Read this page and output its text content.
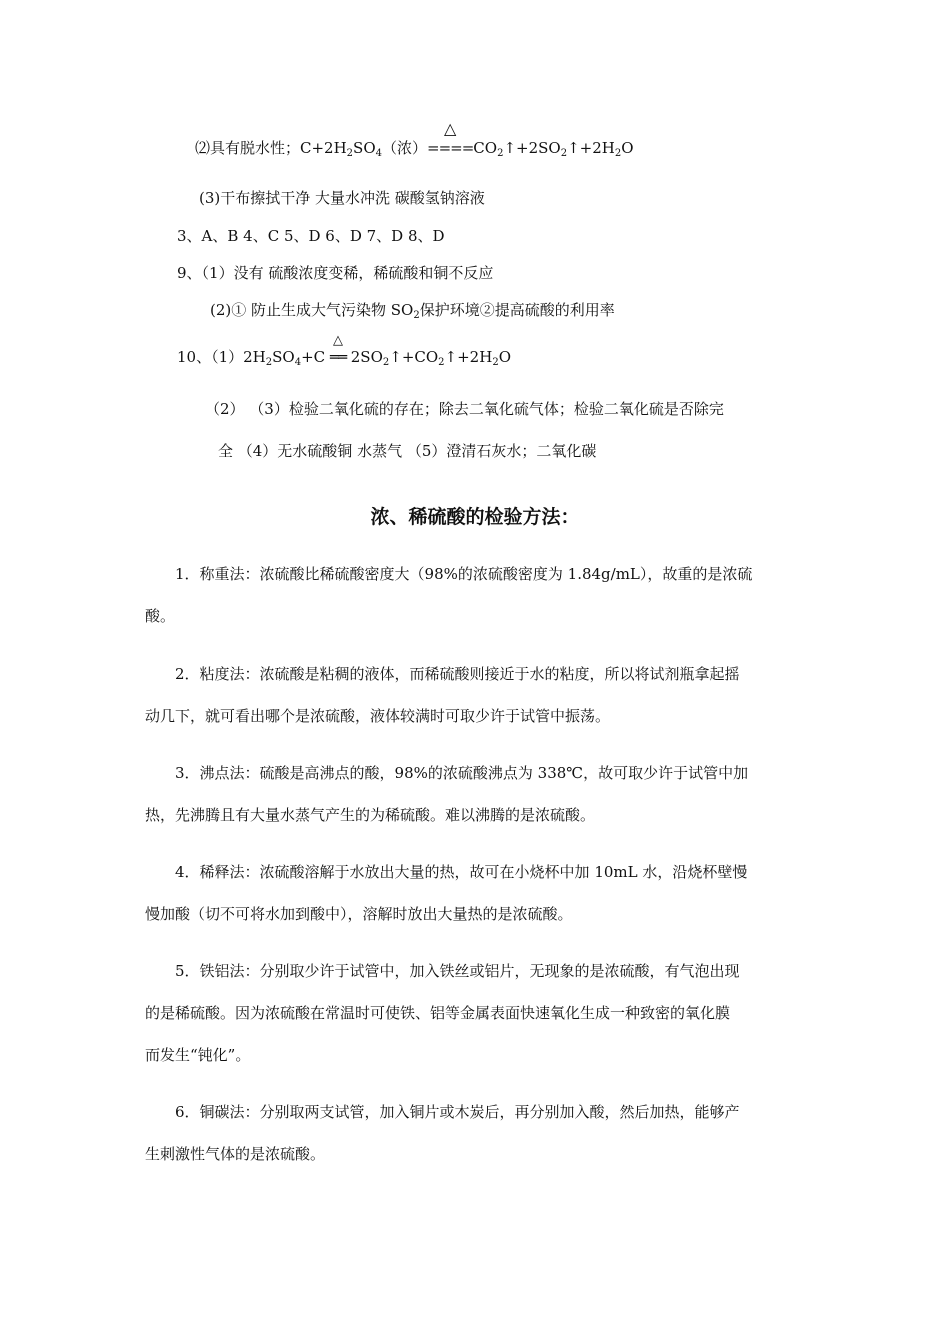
⑵具有脱水性；$C+2H_2SO_4$（浓）
△
$====CO_2↑+2SO_2↑+2H_2O$
(3)干布擦拭干净 大量水冲洗 碳酸氢钠溶液
3、A、B 4、C 5、D 6、D 7、D 8、D
9、（1）没有 硫酸浓度变稀，稀硫酸和铜不反应
(2)① 防止生成大气污染物 $SO_2$保护环境②提高硫酸的利用率
10、$(1)2H_2SO_4+C$
△
══ $2SO_2↑+CO_2↑+2H_2O$
（2） （3）检验二氧化硫的存在；除去二氧化硫气体；检验二氧化硫是否除完
全 （4）无水硫酸铜 水蒸气 （5）澄清石灰水；二氧化碳
浓、稀硫酸的检验方法：
1．称重法：浓硫酸比稀硫酸密度大（98%的浓硫酸密度为 1.84g/mL），故重的是浓硫
酸。
2．粘度法：浓硫酸是粘稠的液体，而稀硫酸则接近于水的粘度，所以将试剂瓶拿起摇
动几下，就可看出哪个是浓硫酸，液体较满时可取少许于试管中振荡。
3．沸点法：硫酸是高沸点的酸，98%的浓硫酸沸点为 338℃，故可取少许于试管中加
热，先沸腾且有大量水蒸气产生的为稀硫酸。难以沸腾的是浓硫酸。
4．稀释法：浓硫酸溶解于水放出大量的热，故可在小烧杯中加 10mL 水，沿烧杯壁慢
慢加酸（切不可将水加到酸中），溶解时放出大量热的是浓硫酸。
5．铁铝法：分别取少许于试管中，加入铁丝或铝片，无现象的是浓硫酸，有气泡出现
的是稀硫酸。因为浓硫酸在常温时可使铁、铝等金属表面快速氧化生成一种致密的氧化膜
而发生“钝化”。
6．铜碳法：分别取两支试管，加入铜片或木炭后，再分别加入酸，然后加热，能够产
生刺激性气体的是浓硫酸。
